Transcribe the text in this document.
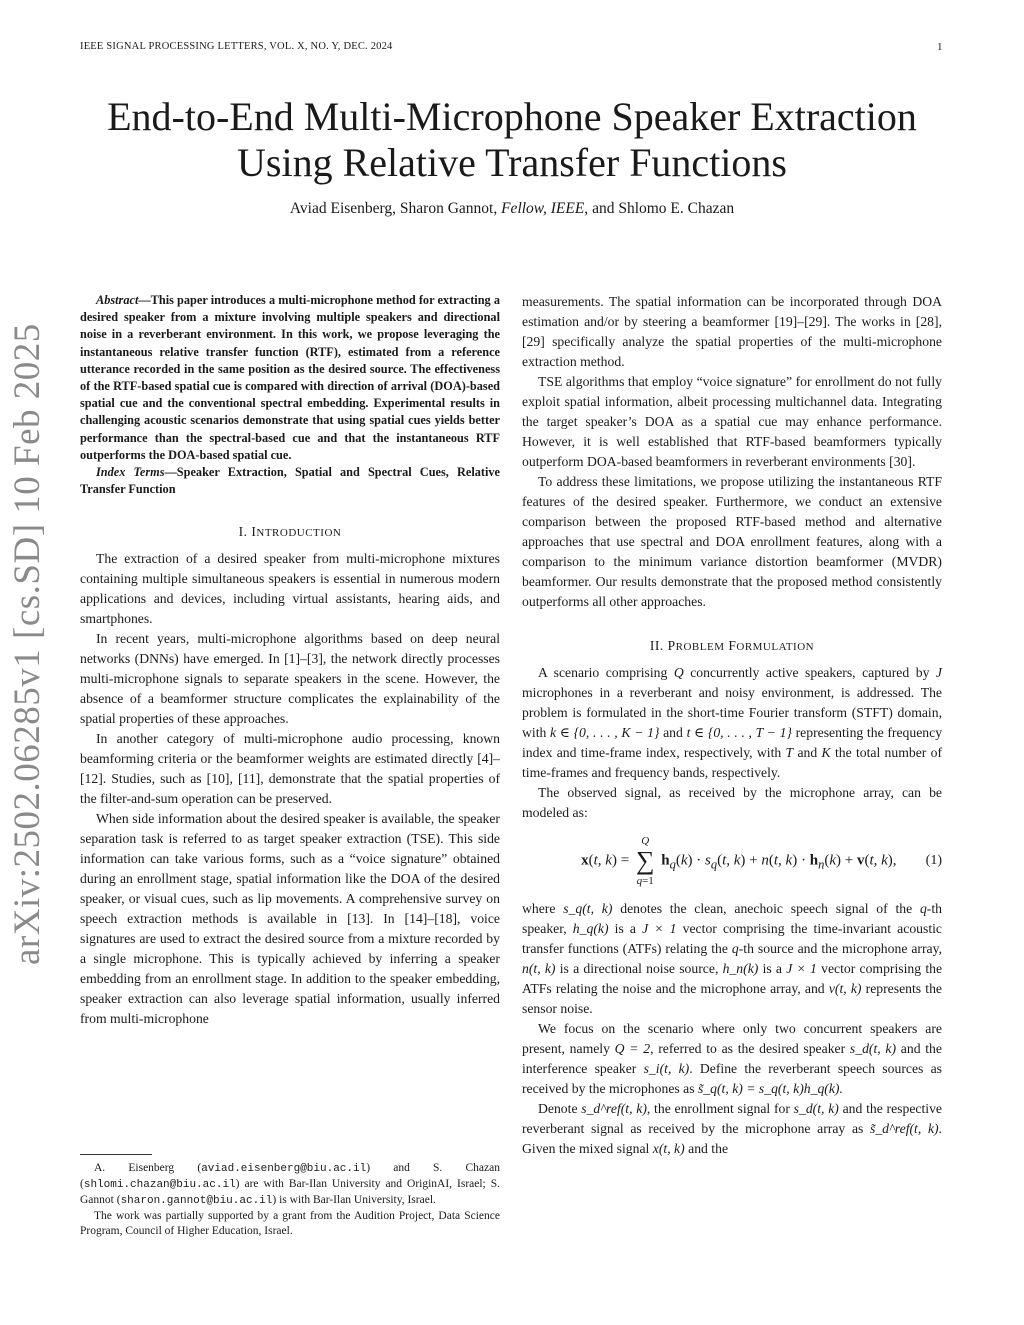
IEEE SIGNAL PROCESSING LETTERS, VOL. X, NO. Y, DEC. 2024	1
arXiv:2502.06285v1 [cs.SD] 10 Feb 2025
End-to-End Multi-Microphone Speaker Extraction Using Relative Transfer Functions
Aviad Eisenberg, Sharon Gannot, Fellow, IEEE, and Shlomo E. Chazan

Abstract—This paper introduces a multi-microphone method for extracting a desired speaker from a mixture involving multiple speakers and directional noise in a reverberant environment. In this work, we propose leveraging the instantaneous relative transfer function (RTF), estimated from a reference utterance recorded in the same position as the desired source. The effectiveness of the RTF-based spatial cue is compared with direction of arrival (DOA)-based spatial cue and the conventional spectral embedding. Experimental results in challenging acoustic scenarios demonstrate that using spatial cues yields better performance than the spectral-based cue and that the instantaneous RTF outperforms the DOA-based spatial cue.

Index Terms—Speaker Extraction, Spatial and Spectral Cues, Relative Transfer Function

I. INTRODUCTION

The extraction of a desired speaker from multi-microphone mixtures containing multiple simultaneous speakers is essential in numerous modern applications and devices, including virtual assistants, hearing aids, and smartphones.

In recent years, multi-microphone algorithms based on deep neural networks (DNNs) have emerged. In [1]–[3], the network directly processes multi-microphone signals to separate speakers in the scene. However, the absence of a beamformer structure complicates the explainability of the spatial properties of these approaches.

In another category of multi-microphone audio processing, known beamforming criteria or the beamformer weights are estimated directly [4]–[12]. Studies, such as [10], [11], demonstrate that the spatial properties of the filter-and-sum operation can be preserved.

When side information about the desired speaker is available, the speaker separation task is referred to as target speaker extraction (TSE). This side information can take various forms, such as a “voice signature” obtained during an enrollment stage, spatial information like the DOA of the desired speaker, or visual cues, such as lip movements. A comprehensive survey on speech extraction methods is available in [13]. In [14]–[18], voice signatures are used to extract the desired source from a mixture recorded by a single microphone. This is typically achieved by inferring a speaker embedding from an enrollment stage. In addition to the speaker embedding, speaker extraction can also leverage spatial information, usually inferred from multi-microphone

A. Eisenberg (aviad.eisenberg@biu.ac.il) and S. Chazan (shlomi.chazan@biu.ac.il) are with Bar-Ilan University and OriginAI, Israel; S. Gannot (sharon.gannot@biu.ac.il) is with Bar-Ilan University, Israel.

The work was partially supported by a grant from the Audition Project, Data Science Program, Council of Higher Education, Israel.

measurements. The spatial information can be incorporated through DOA estimation and/or by steering a beamformer [19]–[29]. The works in [28], [29] specifically analyze the spatial properties of the multi-microphone extraction method.

TSE algorithms that employ “voice signature” for enrollment do not fully exploit spatial information, albeit processing multichannel data. Integrating the target speaker’s DOA as a spatial cue may enhance performance. However, it is well established that RTF-based beamformers typically outperform DOA-based beamformers in reverberant environments [30].

To address these limitations, we propose utilizing the instantaneous RTF features of the desired speaker. Furthermore, we conduct an extensive comparison between the proposed RTF-based method and alternative approaches that use spectral and DOA enrollment features, along with a comparison to the minimum variance distortion beamformer (MVDR) beamformer. Our results demonstrate that the proposed method consistently outperforms all other approaches.

II. PROBLEM FORMULATION

A scenario comprising Q concurrently active speakers, captured by J microphones in a reverberant and noisy environment, is addressed. The problem is formulated in the short-time Fourier transform (STFT) domain, with k ∈ {0, . . . , K − 1} and t ∈ {0, . . . , T − 1} representing the frequency index and time-frame index, respectively, with T and K the total number of time-frames and frequency bands, respectively.

The observed signal, as received by the microphone array, can be modeled as:

x(t, k) =
Q
∑
q=1
$h_q(k) \cdot s_q(t$, k) + n(t, $k) \cdot h_n(k) + v(t$, k), (1)

where s_q(t, k) denotes the clean, anechoic speech signal of the q-th speaker, h_q(k) is a J × 1 vector comprising the time-invariant acoustic transfer functions (ATFs) relating the q-th source and the microphone array, n(t, k) is a directional noise source, h_n(k) is a J × 1 vector comprising the ATFs relating the noise and the microphone array, and v(t, k) represents the sensor noise.

We focus on the scenario where only two concurrent speakers are present, namely Q = 2, referred to as the desired speaker s_d(t, k) and the interference speaker s_i(t, k). Define the reverberant speech sources as received by the microphones as s̃_q(t, k) = s_q(t, k)h_q(k).

Denote s_d^ref(t, k), the enrollment signal for s_d(t, k) and the respective reverberant signal as received by the microphone array as s̃_d^ref(t, k). Given the mixed signal x(t, k) and the
